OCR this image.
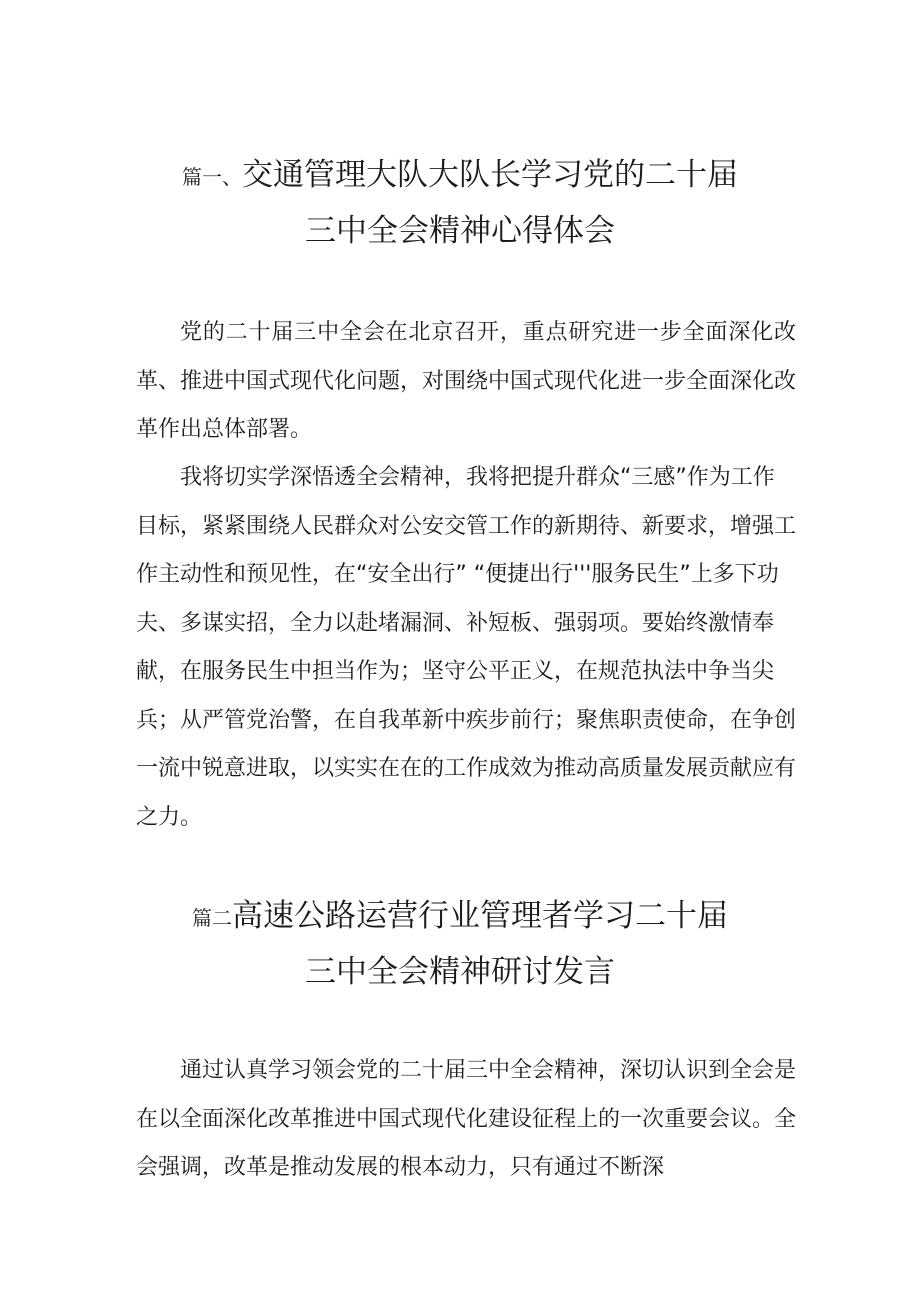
篇一、交通管理大队大队长学习党的二十届
三中全会精神心得体会

党的二十届三中全会在北京召开，重点研究进一步全面深化改革、推进中国式现代化问题，对围绕中国式现代化进一步全面深化改革作出总体部署。

我将切实学深悟透全会精神，我将把提升群众“三感”作为工作目标，紧紧围绕人民群众对公安交管工作的新期待、新要求，增强工作主动性和预见性，在“安全出行” “便捷出行'''服务民生”上多下功夫、多谋实招，全力以赴堵漏洞、补短板、强弱项。要始终激情奉献，在服务民生中担当作为；坚守公平正义，在规范执法中争当尖兵；从严管党治警，在自我革新中疾步前行；聚焦职责使命，在争创一流中锐意进取，以实实在在的工作成效为推动高质量发展贡献应有之力。

篇二高速公路运营行业管理者学习二十届
三中全会精神研讨发言

通过认真学习领会党的二十届三中全会精神，深切认识到全会是在以全面深化改革推进中国式现代化建设征程上的一次重要会议。全会强调，改革是推动发展的根本动力，只有通过不断深
